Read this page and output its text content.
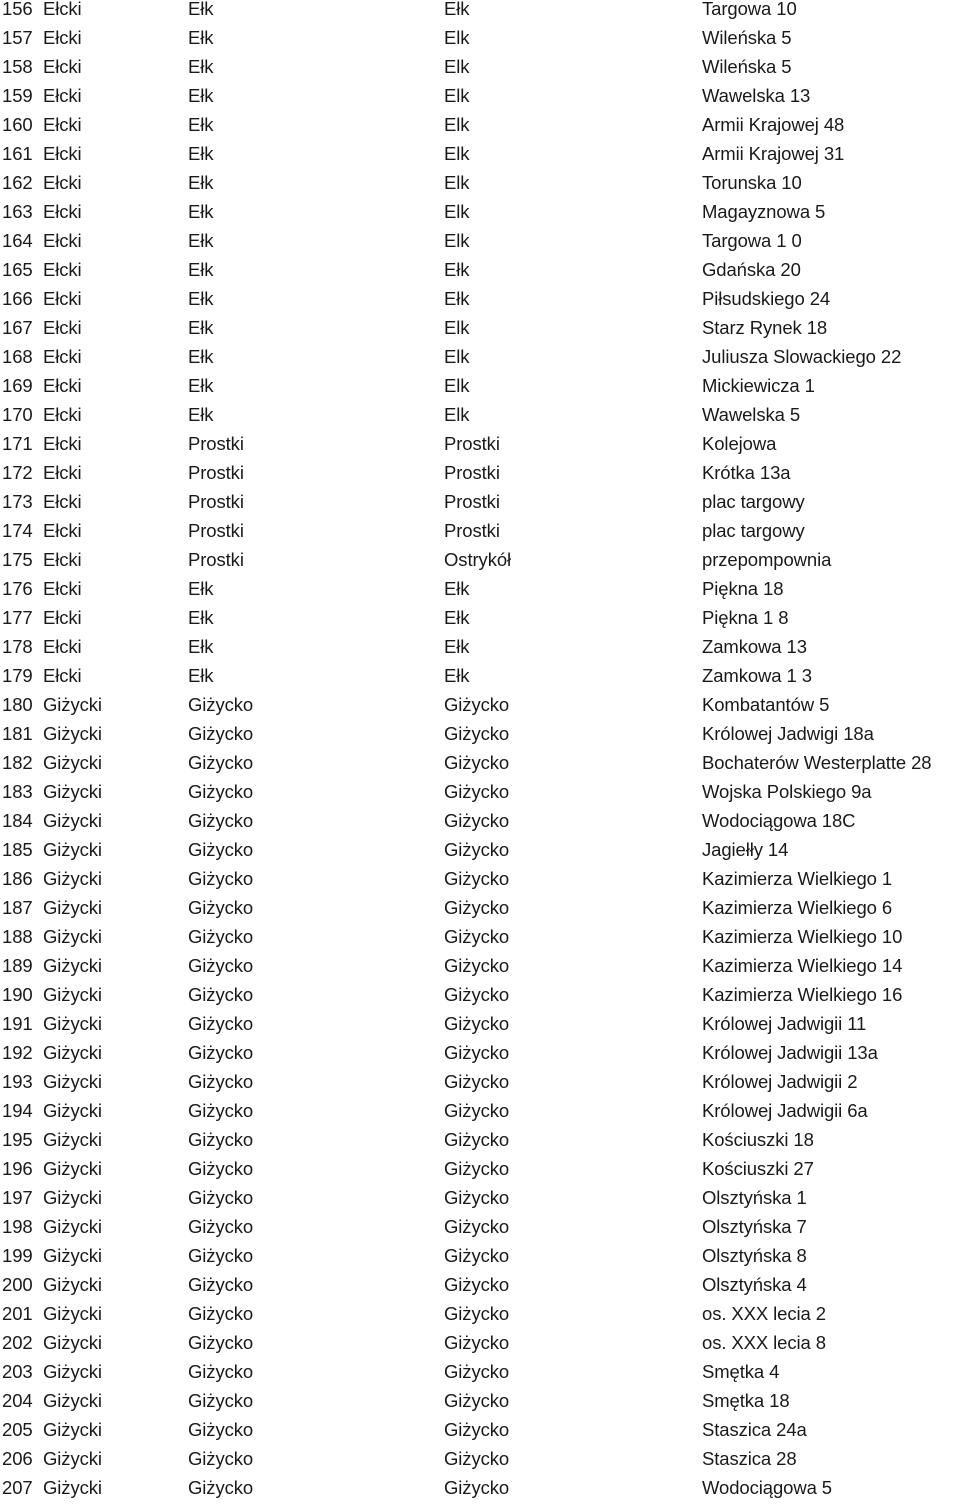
156 Ełcki	Ełk	Ełk	Targowa 10
157 Ełcki	Ełk	Elk	Wileńska 5
158 Ełcki	Ełk	Elk	Wileńska 5
159 Ełcki	Ełk	Elk	Wawelska 13
160 Ełcki	Ełk	Elk	Armii Krajowej 48
161 Ełcki	Ełk	Elk	Armii Krajowej 31
162 Ełcki	Ełk	Elk	Torunska 10
163 Ełcki	Ełk	Elk	Magayznowa 5
164 Ełcki	Ełk	Elk	Targowa 1 0
165 Ełcki	Ełk	Ełk	Gdańska 20
166 Ełcki	Ełk	Ełk	Piłsudskiego 24
167 Ełcki	Ełk	Elk	Starz Rynek 18
168 Ełcki	Ełk	Elk	Juliusza Slowackiego 22
169 Ełcki	Ełk	Elk	Mickiewicza 1
170 Ełcki	Ełk	Elk	Wawelska 5
171 Ełcki	Prostki	Prostki	Kolejowa
172 Ełcki	Prostki	Prostki	Krótka 13a
173 Ełcki	Prostki	Prostki	plac targowy
174 Ełcki	Prostki	Prostki	plac targowy
175 Ełcki	Prostki	Ostrykół	przepompownia
176 Ełcki	Ełk	Ełk	Piękna 18
177 Ełcki	Ełk	Ełk	Piękna 1 8
178 Ełcki	Ełk	Ełk	Zamkowa 13
179 Ełcki	Ełk	Ełk	Zamkowa 1 3
180 Giżycki	Giżycko	Giżycko	Kombatantów 5
181 Giżycki	Giżycko	Giżycko	Królowej Jadwigi 18a
182 Giżycki	Giżycko	Giżycko	Bochaterów Westerplatte 28
183 Giżycki	Giżycko	Giżycko	Wojska Polskiego 9a
184 Giżycki	Giżycko	Giżycko	Wodociągowa 18C
185 Giżycki	Giżycko	Giżycko	Jagiełły 14
186 Giżycki	Giżycko	Giżycko	Kazimierza Wielkiego 1
187 Giżycki	Giżycko	Giżycko	Kazimierza Wielkiego 6
188 Giżycki	Giżycko	Giżycko	Kazimierza Wielkiego 10
189 Giżycki	Giżycko	Giżycko	Kazimierza Wielkiego 14
190 Giżycki	Giżycko	Giżycko	Kazimierza Wielkiego 16
191 Giżycki	Giżycko	Giżycko	Królowej Jadwigii 11
192 Giżycki	Giżycko	Giżycko	Królowej Jadwigii 13a
193 Giżycki	Giżycko	Giżycko	Królowej Jadwigii 2
194 Giżycki	Giżycko	Giżycko	Królowej Jadwigii 6a
195 Giżycki	Giżycko	Giżycko	Kościuszki 18
196 Giżycki	Giżycko	Giżycko	Kościuszki 27
197 Giżycki	Giżycko	Giżycko	Olsztyńska 1
198 Giżycki	Giżycko	Giżycko	Olsztyńska 7
199 Giżycki	Giżycko	Giżycko	Olsztyńska 8
200 Giżycki	Giżycko	Giżycko	Olsztyńska 4
201 Giżycki	Giżycko	Giżycko	os. XXX lecia 2
202 Giżycki	Giżycko	Giżycko	os. XXX lecia 8
203 Giżycki	Giżycko	Giżycko	Smętka 4
204 Giżycki	Giżycko	Giżycko	Smętka 18
205 Giżycki	Giżycko	Giżycko	Staszica 24a
206 Giżycki	Giżycko	Giżycko	Staszica 28
207 Giżycki	Giżycko	Giżycko	Wodociągowa 5
